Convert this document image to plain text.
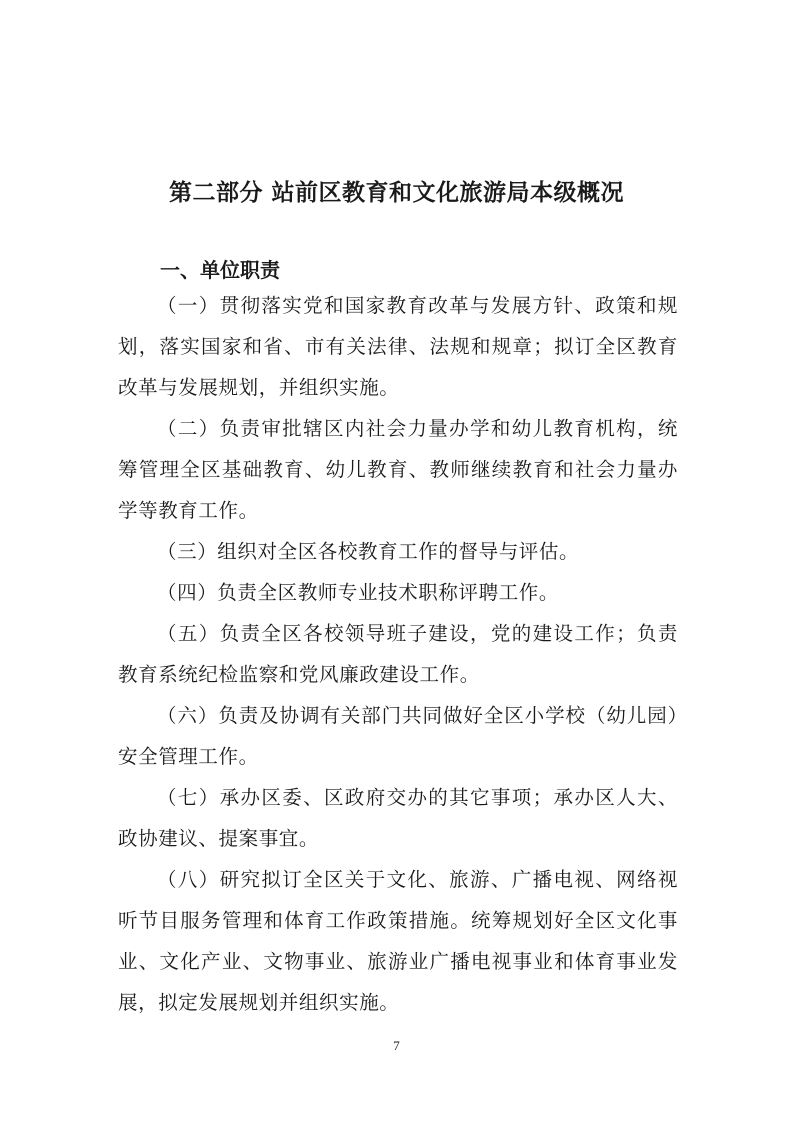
第二部分 站前区教育和文化旅游局本级概况
一、单位职责

（一）贯彻落实党和国家教育改革与发展方针、政策和规划，落实国家和省、市有关法律、法规和规章；拟订全区教育改革与发展规划，并组织实施。

（二）负责审批辖区内社会力量办学和幼儿教育机构，统筹管理全区基础教育、幼儿教育、教师继续教育和社会力量办学等教育工作。

（三）组织对全区各校教育工作的督导与评估。

（四）负责全区教师专业技术职称评聘工作。

（五）负责全区各校领导班子建设，党的建设工作；负责教育系统纪检监察和党风廉政建设工作。

（六）负责及协调有关部门共同做好全区小学校（幼儿园）安全管理工作。

（七）承办区委、区政府交办的其它事项；承办区人大、政协建议、提案事宜。

（八）研究拟订全区关于文化、旅游、广播电视、网络视听节目服务管理和体育工作政策措施。统筹规划好全区文化事业、文化产业、文物事业、旅游业广播电视事业和体育事业发展，拟定发展规划并组织实施。

7
